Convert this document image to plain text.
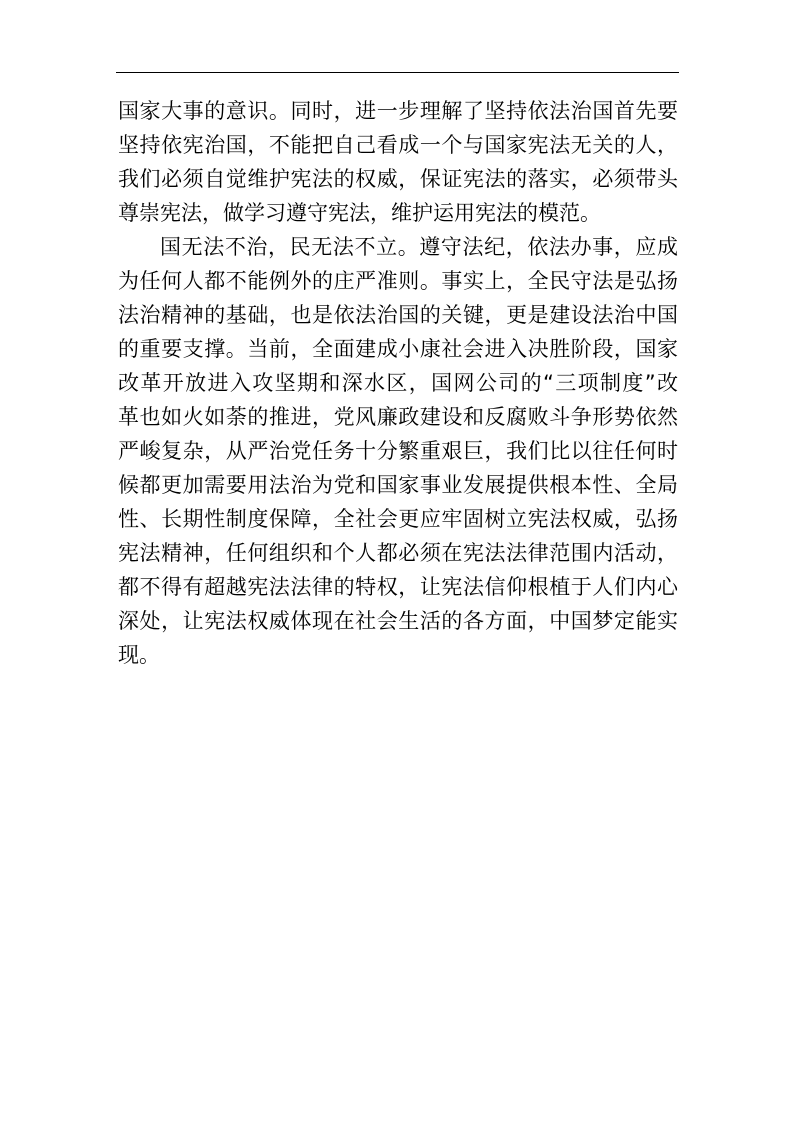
国家大事的意识。同时，进一步理解了坚持依法治国首先要
坚持依宪治国，不能把自己看成一个与国家宪法无关的人，
我们必须自觉维护宪法的权威，保证宪法的落实，必须带头
尊崇宪法，做学习遵守宪法，维护运用宪法的模范。
国无法不治，民无法不立。遵守法纪，依法办事，应成
为任何人都不能例外的庄严准则。事实上，全民守法是弘扬
法治精神的基础，也是依法治国的关键，更是建设法治中国
的重要支撑。当前，全面建成小康社会进入决胜阶段，国家
改革开放进入攻坚期和深水区，国网公司的“三项制度”改
革也如火如荼的推进，党风廉政建设和反腐败斗争形势依然
严峻复杂，从严治党任务十分繁重艰巨，我们比以往任何时
候都更加需要用法治为党和国家事业发展提供根本性、全局
性、长期性制度保障，全社会更应牢固树立宪法权威，弘扬
宪法精神，任何组织和个人都必须在宪法法律范围内活动，
都不得有超越宪法法律的特权，让宪法信仰根植于人们内心
深处，让宪法权威体现在社会生活的各方面，中国梦定能实
现。
